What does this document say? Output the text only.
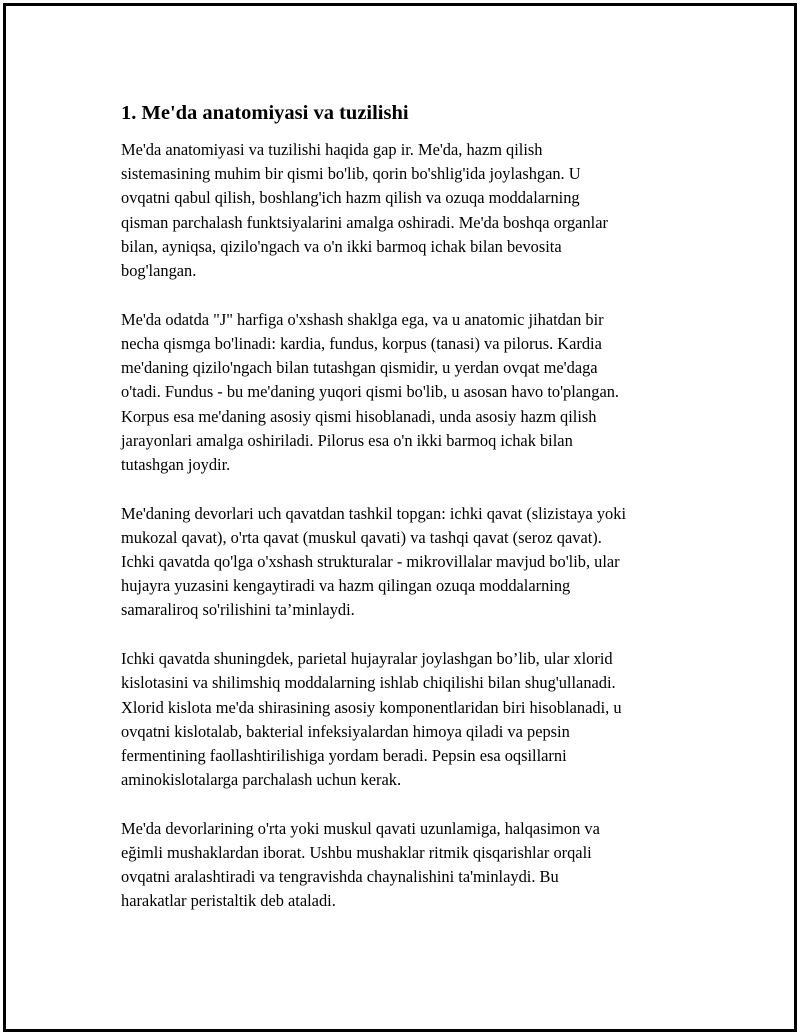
1. Me'da anatomiyasi va tuzilishi

Me'da anatomiyasi va tuzilishi haqida gap ir. Me'da, hazm qilish
sistemasining muhim bir qismi bo'lib, qorin bo'shlig'ida joylashgan. U
ovqatni qabul qilish, boshlang'ich hazm qilish va ozuqa moddalarning
qisman parchalash funktsiyalarini amalga oshiradi. Me'da boshqa organlar
bilan, ayniqsa, qizilo'ngach va o'n ikki barmoq ichak bilan bevosita
bog'langan.

Me'da odatda "J" harfiga o'xshash shaklga ega, va u anatomic jihatdan bir
necha qismga bo'linadi: kardia, fundus, korpus (tanasi) va pilorus. Kardia
me'daning qizilo'ngach bilan tutashgan qismidir, u yerdan ovqat me'daga
o'tadi. Fundus - bu me'daning yuqori qismi bo'lib, u asosan havo to'plangan.
Korpus esa me'daning asosiy qismi hisoblanadi, unda asosiy hazm qilish
jarayonlari amalga oshiriladi. Pilorus esa o'n ikki barmoq ichak bilan
tutashgan joydir.

Me'daning devorlari uch qavatdan tashkil topgan: ichki qavat (slizistaya yoki
mukozal qavat), o'rta qavat (muskul qavati) va tashqi qavat (seroz qavat).
Ichki qavatda qo'lga o'xshash strukturalar - mikrovillalar mavjud bo'lib, ular
hujayra yuzasini kengaytiradi va hazm qilingan ozuqa moddalarning
samaraliroq so'rilishini ta’minlaydi.

Ichki qavatda shuningdek, parietal hujayralar joylashgan bo’lib, ular xlorid
kislotasini va shilimshiq moddalarning ishlab chiqilishi bilan shug'ullanadi.
Xlorid kislota me'da shirasining asosiy komponentlaridan biri hisoblanadi, u
ovqatni kislotalab, bakterial infeksiyalardan himoya qiladi va pepsin
fermentining faollashtirilishiga yordam beradi. Pepsin esa oqsillarni
aminokislotalarga parchalash uchun kerak.

Me'da devorlarining o'rta yoki muskul qavati uzunlamiga, halqasimon va
eğimli mushaklardan iborat. Ushbu mushaklar ritmik qisqarishlar orqali
ovqatni aralashtiradi va tengravishda chaynalishini ta'minlaydi. Bu
harakatlar peristaltik deb ataladi.
